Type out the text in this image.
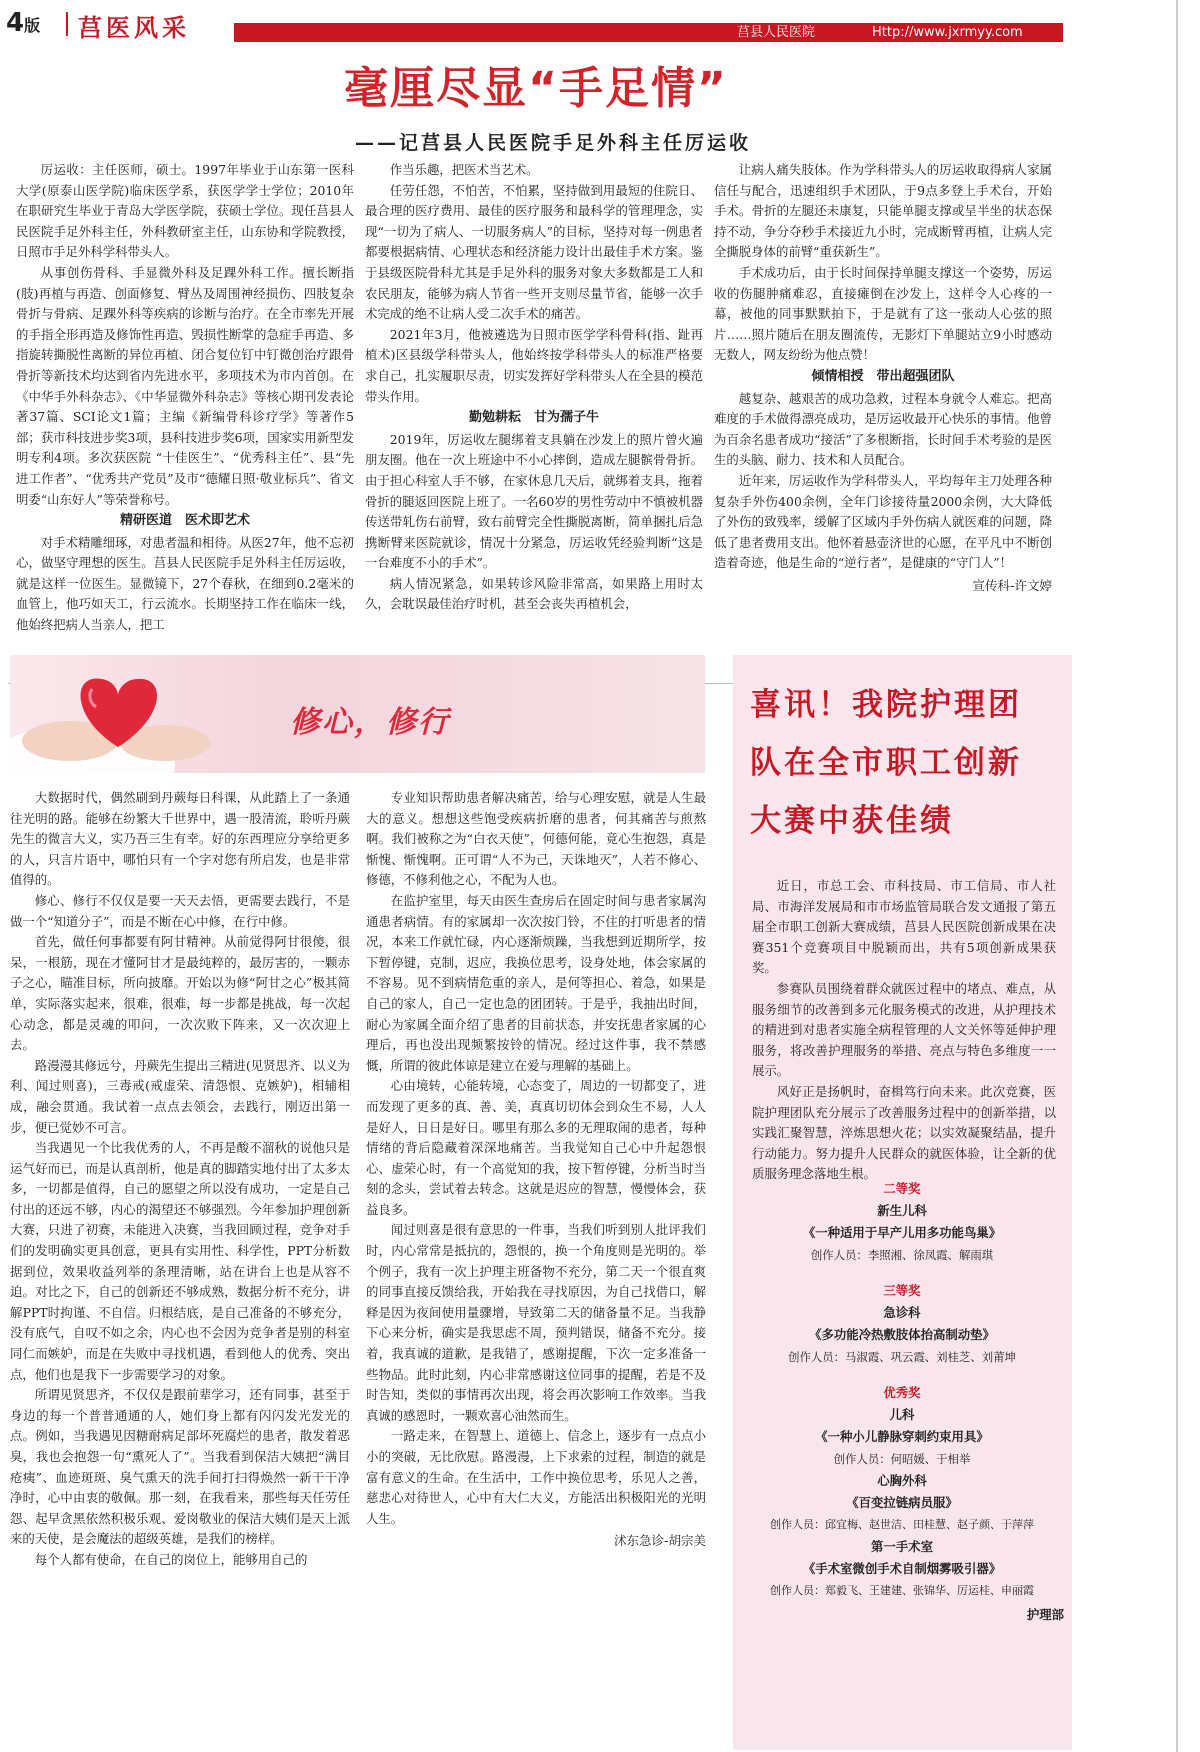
4版 莒医风采	莒县人民医院	Http://www.jxrmyy.com
毫厘尽显“手足情”
——记莒县人民医院手足外科主任厉运收

厉运收：主任医师，硕士。1997年毕业于山东第一医科大学(原泰山医学院)临床医学系，获医学学士学位；2010年在职研究生毕业于青岛大学医学院，获硕士学位。现任莒县人民医院手足外科主任，外科教研室主任，山东协和学院教授，日照市手足外科学科带头人。

从事创伤骨科、手显微外科及足踝外科工作。擅长断指(肢)再植与再造、创面修复、臂丛及周围神经损伤、四肢复杂骨折与骨病、足踝外科等疾病的诊断与治疗。在全市率先开展的手指全形再造及修饰性再造、毁损性断掌的急症手再造、多指旋转撕脱性离断的异位再植、闭合复位钉中钉微创治疗跟骨骨折等新技术均达到省内先进水平，多项技术为市内首创。在《中华手外科杂志》、《中华显微外科杂志》等核心期刊发表论著37篇、SCI论文1篇；主编《新编骨科诊疗学》等著作5部；获市科技进步奖3项，县科技进步奖6项，国家实用新型发明专利4项。多次获医院 “十佳医生”、“优秀科主任”、县“先进工作者”、“优秀共产党员”及市“德耀日照·敬业标兵”、省文明委“山东好人”等荣誉称号。

精研医道　医术即艺术

对手术精雕细琢，对患者温和相待。从医27年，他不忘初心，做坚守理想的医生。莒县人民医院手足外科主任厉运收，就是这样一位医生。显微镜下，27个春秋，在细到0.2毫米的血管上，他巧如天工，行云流水。长期坚持工作在临床一线，他始终把病人当亲人，把工

作当乐趣，把医术当艺术。

任劳任怨，不怕苦，不怕累，坚持做到用最短的住院日、最合理的医疗费用、最佳的医疗服务和最科学的管理理念，实现“一切为了病人、一切服务病人”的目标，坚持对每一例患者都要根据病情、心理状态和经济能力设计出最佳手术方案。鉴于县级医院骨科尤其是手足外科的服务对象大多数都是工人和农民朋友，能够为病人节省一些开支则尽量节省，能够一次手术完成的绝不让病人受二次手术的痛苦。

2021年3月，他被遴选为日照市医学学科骨科(指、趾再植术)区县级学科带头人，他始终按学科带头人的标准严格要求自己，扎实履职尽责，切实发挥好学科带头人在全县的模范带头作用。

勤勉耕耘　甘为孺子牛

2019年，厉运收左腿绑着支具躺在沙发上的照片曾火遍朋友圈。他在一次上班途中不小心摔倒，造成左腿髌骨骨折。由于担心科室人手不够，在家休息几天后，就绑着支具，拖着骨折的腿返回医院上班了。一名60岁的男性劳动中不慎被机器传送带轧伤右前臂，致右前臂完全性撕脱离断，简单捆扎后急携断臂来医院就诊，情况十分紧急，厉运收凭经验判断“这是一台难度不小的手术”。

病人情况紧急，如果转诊风险非常高，如果路上用时太久，会耽误最佳治疗时机，甚至会丧失再植机会，

让病人痛失肢体。作为学科带头人的厉运收取得病人家属信任与配合，迅速组织手术团队，于9点多登上手术台，开始手术。骨折的左腿还未康复，只能单腿支撑或呈半坐的状态保持不动，争分夺秒手术接近九小时，完成断臂再植，让病人完全撕脱身体的前臂“重获新生”。

手术成功后，由于长时间保持单腿支撑这一个姿势，厉运收的伤腿肿痛难忍，直接瘫倒在沙发上，这样令人心疼的一幕，被他的同事默默拍下，于是就有了这一张动人心弦的照片……照片随后在朋友圈流传，无影灯下单腿站立9小时感动无数人，网友纷纷为他点赞！

倾情相授　带出超强团队

越复杂、越艰苦的成功急救，过程本身就令人难忘。把高难度的手术做得漂亮成功，是厉运收最开心快乐的事情。他曾为百余名患者成功“接活”了多根断指，长时间手术考验的是医生的头脑、耐力、技术和人员配合。

近年来，厉运收作为学科带头人，平均每年主刀处理各种复杂手外伤400余例，全年门诊接待量2000余例，大大降低了外伤的致残率，缓解了区域内手外伤病人就医难的问题，降低了患者费用支出。他怀着悬壶济世的心愿，在平凡中不断创造着奇迹，他是生命的“逆行者”，是健康的“守门人”！

宣传科-许文婷

修心，修行

大数据时代，偶然刷到丹蕨每日科课，从此踏上了一条通往光明的路。能够在纷繁大千世界中，遇一股清流，聆听丹蕨先生的微言大义，实乃吾三生有幸。好的东西理应分享给更多的人，只言片语中，哪怕只有一个字对您有所启发，也是非常值得的。

修心、修行不仅仅是要一天天去悟，更需要去践行，不是做一个“知道分子”，而是不断在心中修，在行中修。

首先，做任何事都要有阿甘精神。从前觉得阿甘很傻，很呆，一根筋，现在才懂阿甘才是最纯粹的，最厉害的，一颗赤子之心，瞄准目标，所向披靡。开始以为修“阿甘之心”极其简单，实际落实起来，很难，很难，每一步都是挑战，每一次起心动念，都是灵魂的叩问，一次次败下阵来，又一次次迎上去。

路漫漫其修远兮，丹蕨先生提出三精进(见贤思齐、以义为利、闻过则喜)，三毒戒(戒虚荣、清怨恨、克嫉妒)，相辅相成，融会贯通。我试着一点点去领会，去践行，刚迈出第一步，便已觉妙不可言。

当我遇见一个比我优秀的人，不再是酸不溜秋的说他只是运气好而已，而是认真剖析，他是真的脚踏实地付出了太多太多，一切都是值得，自己的愿望之所以没有成功，一定是自己付出的还远不够，内心的渴望还不够强烈。今年参加护理创新大赛，只进了初赛，未能进入决赛，当我回顾过程，竞争对手们的发明确实更具创意，更具有实用性、科学性，PPT分析数据到位，效果收益列举的条理清晰，站在讲台上也是从容不迫。对比之下，自己的创新还不够成熟，数据分析不充分，讲解PPT时拘谨、不自信。归根结底，是自己准备的不够充分，没有底气，自叹不如之余，内心也不会因为竞争者是别的科室同仁而嫉妒，而是在失败中寻找机遇，看到他人的优秀、突出点，他们也是我下一步需要学习的对象。

所谓见贤思齐，不仅仅是跟前辈学习，还有同事，甚至于身边的每一个普普通通的人，她们身上都有闪闪发光发光的点。例如，当我遇见因糖耐病足部坏死腐烂的患者，散发着恶臭，我也会抱怨一句“熏死人了”。当我看到保洁大姨把“满目疮痍”、血迹斑斑、臭气熏天的洗手间打扫得焕然一新干干净净时，心中由衷的敬佩。那一刻，在我看来，那些每天任劳任怨、起早贪黑依然积极乐观、爱岗敬业的保洁大姨们是天上派来的天使，是会魔法的超级英雄，是我们的榜样。

每个人都有使命，在自己的岗位上，能够用自己的

专业知识帮助患者解决痛苦，给与心理安慰，就是人生最大的意义。想想这些饱受疾病折磨的患者，何其痛苦与煎熬啊。我们被称之为“白衣天使”，何德何能，竟心生抱怨，真是惭愧、惭愧啊。正可谓“人不为己，天诛地灭”，人若不修心、修德，不修利他之心，不配为人也。

在监护室里，每天由医生查房后在固定时间与患者家属沟通患者病情。有的家属却一次次按门铃，不住的打听患者的情况，本来工作就忙碌，内心逐渐烦躁，当我想到近期所学，按下暂停键，克制，迟应，我换位思考，设身处地，体会家属的不容易。见不到病情危重的亲人，是何等担心、着急，如果是自己的家人，自己一定也急的团团转。于是乎，我抽出时间，耐心为家属全面介绍了患者的目前状态，并安抚患者家属的心理后，再也没出现频繁按铃的情况。经过这件事，我不禁感慨，所谓的彼此体谅是建立在爱与理解的基础上。

心由境转，心能转境，心态变了，周边的一切都变了，进而发现了更多的真、善、美，真真切切体会到众生不易，人人是好人，日日是好日。哪里有那么多的无理取闹的患者，每种情绪的背后隐藏着深深地痛苦。当我觉知自己心中升起怨恨心、虚荣心时，有一个高觉知的我，按下暂停键，分析当时当刻的念头，尝试着去转念。这就是迟应的智慧，慢慢体会，获益良多。

闻过则喜是很有意思的一件事，当我们听到别人批评我们时，内心常常是抵抗的，怨恨的，换一个角度则是光明的。举个例子，我有一次上护理主班备物不充分，第二天一个很直爽的同事直接反馈给我，开始我在寻找原因，为自己找借口，解释是因为夜间使用量骤增，导致第二天的储备量不足。当我静下心来分析，确实是我思虑不周，预判错误，储备不充分。接着，我真诚的道歉，是我错了，感谢提醒，下次一定多准备一些物品。此时此刻，内心非常感谢这位同事的提醒，若是不及时告知，类似的事情再次出现，将会再次影响工作效率。当我真诚的感恩时，一颗欢喜心油然而生。

一路走来，在智慧上、道德上、信念上，逐步有一点点小小的突破，无比欣慰。路漫漫，上下求索的过程，制造的就是富有意义的生命。在生活中，工作中换位思考，乐见人之善，慈悲心对待世人，心中有大仁大义，方能活出积极阳光的光明人生。

沭东急诊-胡宗美

喜讯！我院护理团
队在全市职工创新
大赛中获佳绩

近日，市总工会、市科技局、市工信局、市人社局、市海洋发展局和市市场监管局联合发文通报了第五届全市职工创新大赛成绩，莒县人民医院创新成果在决赛351个竞赛项目中脱颖而出，共有5项创新成果获奖。

参赛队员围绕着群众就医过程中的堵点、难点，从服务细节的改善到多元化服务模式的改进，从护理技术的精进到对患者实施全病程管理的人文关怀等延伸护理服务，将改善护理服务的举措、亮点与特色多维度一一展示。

风好正是扬帆时，奋楫笃行向未来。此次竞赛，医院护理团队充分展示了改善服务过程中的创新举措，以实践汇聚智慧，淬炼思想火花；以实效凝聚结晶，提升行动能力。努力提升人民群众的就医体验，让全新的优质服务理念落地生根。

二等奖
新生儿科
《一种适用于早产儿用多功能鸟巢》
创作人员：李照湘、徐凤霞、解雨琪
三等奖
急诊科
《多功能冷热敷肢体抬高制动垫》
创作人员：马淑霞、巩云霞、刘桂芝、刘莆坤
优秀奖
儿科
《一种小儿静脉穿刺约束用具》
创作人员：何昭媛、于相举
心胸外科
《百变拉链病员服》
创作人员：邱宜梅、赵世洁、田桂慧、赵子颜、于萍萍
第一手术室
《手术室微创手术自制烟雾吸引器》
创作人员：郑毅飞、王建建、张锦华、厉运桂、申丽霞
护理部
